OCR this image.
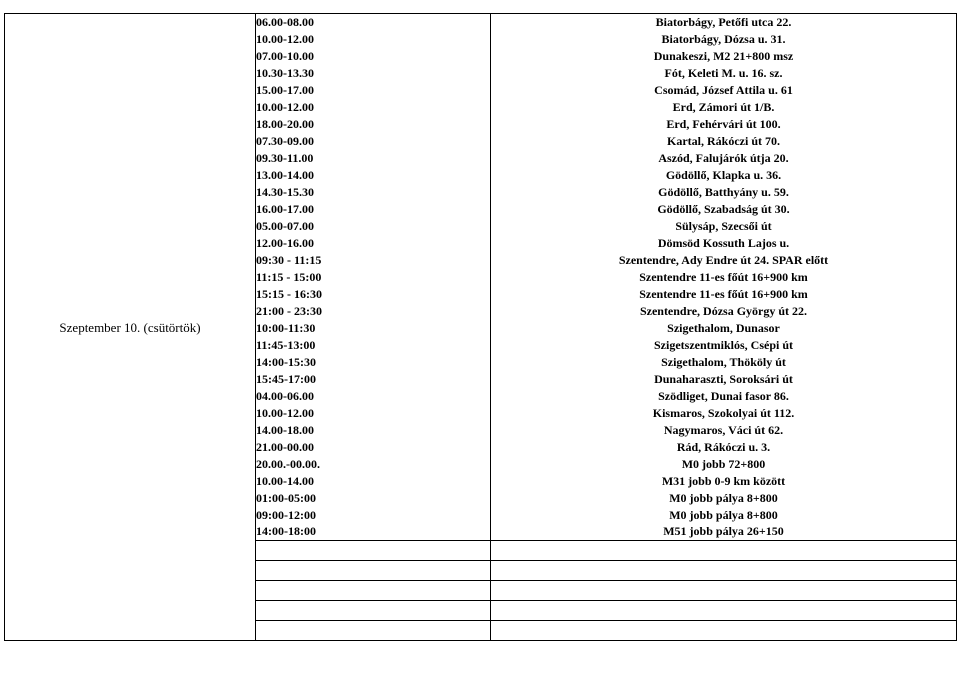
Szeptember 10. (csütörtök)	06.00-08.00	Biatorbágy, Petőfi utca 22.
	10.00-12.00	Biatorbágy, Dózsa u. 31.
	07.00-10.00	Dunakeszi, M2 21+800 msz
	10.30-13.30	Fót, Keleti M. u. 16. sz.
	15.00-17.00	Csomád, József Attila u. 61
	10.00-12.00	Erd, Zámori út 1/B.
	18.00-20.00	Erd, Fehérvári út 100.
	07.30-09.00	Kartal, Rákóczi út 70.
	09.30-11.00	Aszód, Falujárók útja 20.
	13.00-14.00	Gödöllő, Klapka u. 36.
	14.30-15.30	Gödöllő, Batthyány u. 59.
	16.00-17.00	Gödöllő, Szabadság út 30.
	05.00-07.00	Sülysáp, Szecsői út
	12.00-16.00	Dömsöd Kossuth Lajos u.
	09:30 - 11:15	Szentendre, Ady Endre út 24. SPAR előtt
	11:15 - 15:00	Szentendre 11-es főút 16+900 km
	15:15 - 16:30	Szentendre 11-es főút 16+900 km
	21:00 - 23:30	Szentendre, Dózsa György út 22.
	10:00-11:30	Szigethalom, Dunasor
	11:45-13:00	Szigetszentmiklós, Csépi út
	14:00-15:30	Szigethalom, Thököly út
	15:45-17:00	Dunaharaszti, Soroksári út
	04.00-06.00	Szödliget, Dunai fasor 86.
	10.00-12.00	Kismaros, Szokolyai út 112.
	14.00-18.00	Nagymaros, Váci út 62.
	21.00-00.00	Rád, Rákóczi u. 3.
	20.00.-00.00.	M0 jobb 72+800
	10.00-14.00	M31 jobb 0-9 km között
	01:00-05:00	M0 jobb pálya 8+800
	09:00-12:00	M0 jobb pálya 8+800
	14:00-18:00	M51 jobb pálya 26+150
